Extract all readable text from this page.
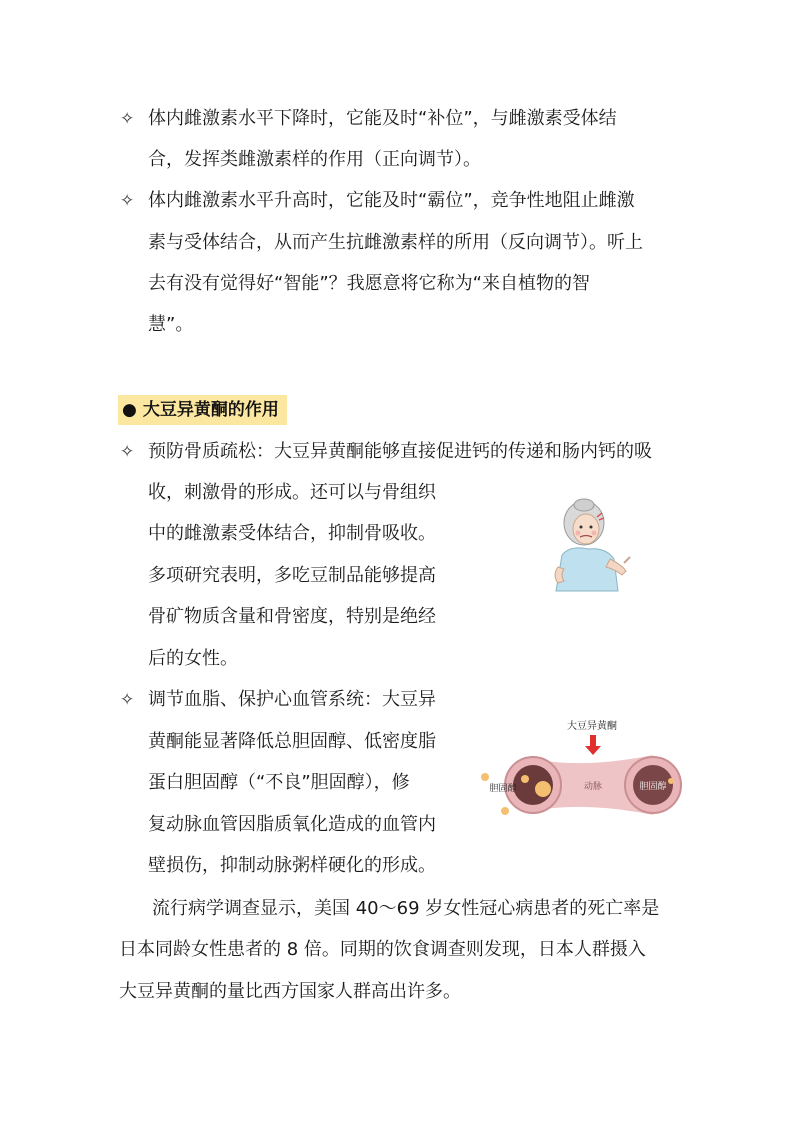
✧ 体内雌激素水平下降时，它能及时“补位”，与雌激素受体结
合，发挥类雌激素样的作用（正向调节）。
✧ 体内雌激素水平升高时，它能及时“霸位”，竞争性地阻止雌激
素与受体结合，从而产生抗雌激素样的所用（反向调节）。听上
去有没有觉得好“智能”？我愿意将它称为“来自植物的智
慧”。
● 大豆异黄酮的作用
✧ 预防骨质疏松：大豆异黄酮能够直接促进钙的传递和肠内钙的吸
收，刺激骨的形成。还可以与骨组织
中的雌激素受体结合，抑制骨吸收。
多项研究表明，多吃豆制品能够提高
骨矿物质含量和骨密度，特别是绝经
后的女性。
✧ 调节血脂、保护心血管系统：大豆异
黄酮能显著降低总胆固醇、低密度脂
蛋白胆固醇（“不良”胆固醇），修
复动脉血管因脂质氧化造成的血管内
壁损伤，抑制动脉粥样硬化的形成。
大豆异黄酮
胆固醇	动脉	胆固醇
流行病学调查显示，美国 40～69 岁女性冠心病患者的死亡率是
日本同龄女性患者的 8 倍。同期的饮食调查则发现，日本人群摄入
大豆异黄酮的量比西方国家人群高出许多。
